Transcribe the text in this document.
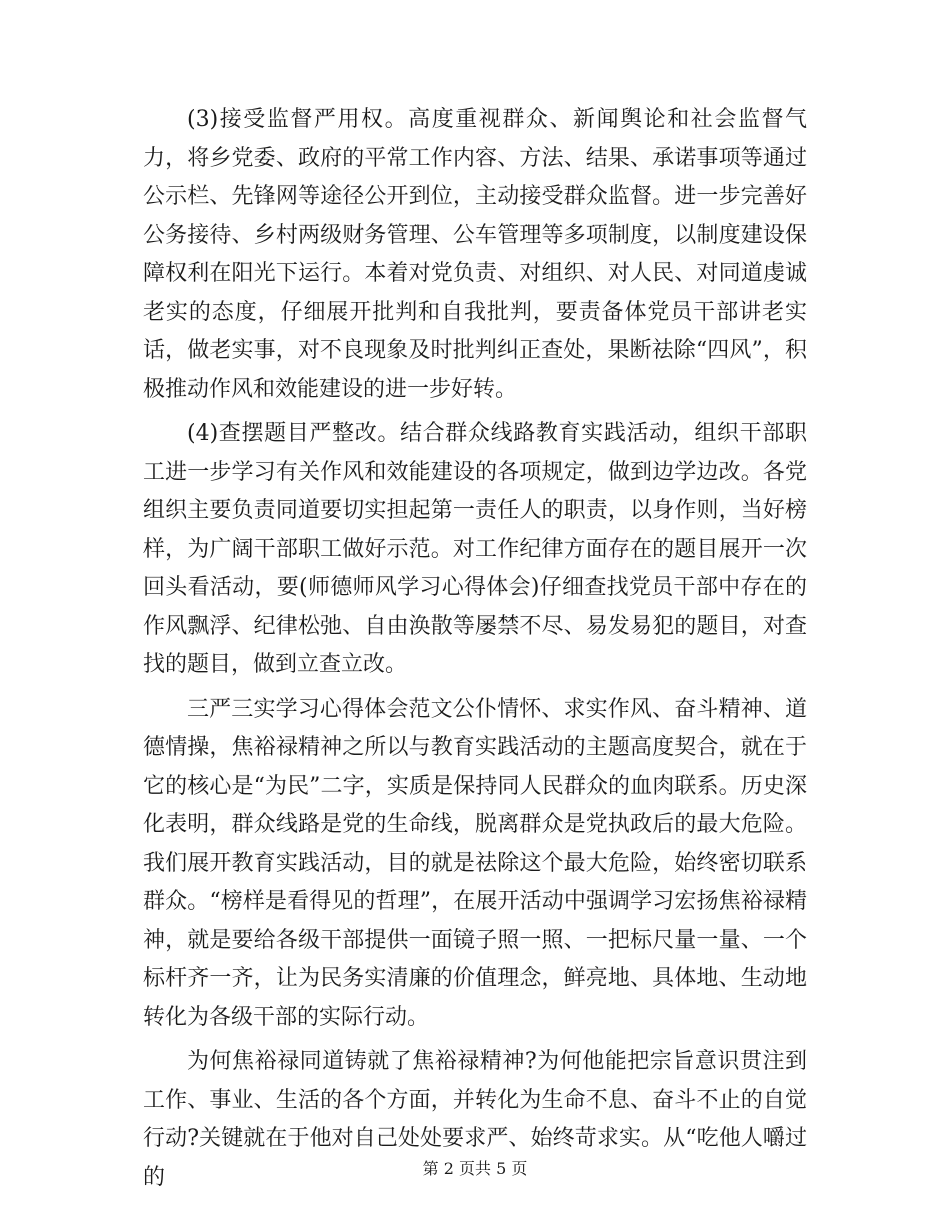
(3)接受监督严用权。高度重视群众、新闻舆论和社会监督气力，将乡党委、政府的平常工作内容、方法、结果、承诺事项等通过公示栏、先锋网等途径公开到位，主动接受群众监督。进一步完善好公务接待、乡村两级财务管理、公车管理等多项制度，以制度建设保障权利在阳光下运行。本着对党负责、对组织、对人民、对同道虔诚老实的态度，仔细展开批判和自我批判，要责备体党员干部讲老实话，做老实事，对不良现象及时批判纠正查处，果断祛除“四风”，积极推动作风和效能建设的进一步好转。

(4)查摆题目严整改。结合群众线路教育实践活动，组织干部职工进一步学习有关作风和效能建设的各项规定，做到边学边改。各党组织主要负责同道要切实担起第一责任人的职责，以身作则，当好榜样，为广阔干部职工做好示范。对工作纪律方面存在的题目展开一次回头看活动，要(师德师风学习心得体会)仔细查找党员干部中存在的作风飘浮、纪律松弛、自由涣散等屡禁不尽、易发易犯的题目，对查找的题目，做到立查立改。

三严三实学习心得体会范文公仆情怀、求实作风、奋斗精神、道德情操，焦裕禄精神之所以与教育实践活动的主题高度契合，就在于它的核心是“为民”二字，实质是保持同人民群众的血肉联系。历史深化表明，群众线路是党的生命线，脱离群众是党执政后的最大危险。我们展开教育实践活动，目的就是祛除这个最大危险，始终密切联系群众。“榜样是看得见的哲理”，在展开活动中强调学习宏扬焦裕禄精神，就是要给各级干部提供一面镜子照一照、一把标尺量一量、一个标杆齐一齐，让为民务实清廉的价值理念，鲜亮地、具体地、生动地转化为各级干部的实际行动。

为何焦裕禄同道铸就了焦裕禄精神?为何他能把宗旨意识贯注到工作、事业、生活的各个方面，并转化为生命不息、奋斗不止的自觉行动?关键就在于他对自己处处要求严、始终苛求实。从“吃他人嚼过的	第 2 页共 5 页
